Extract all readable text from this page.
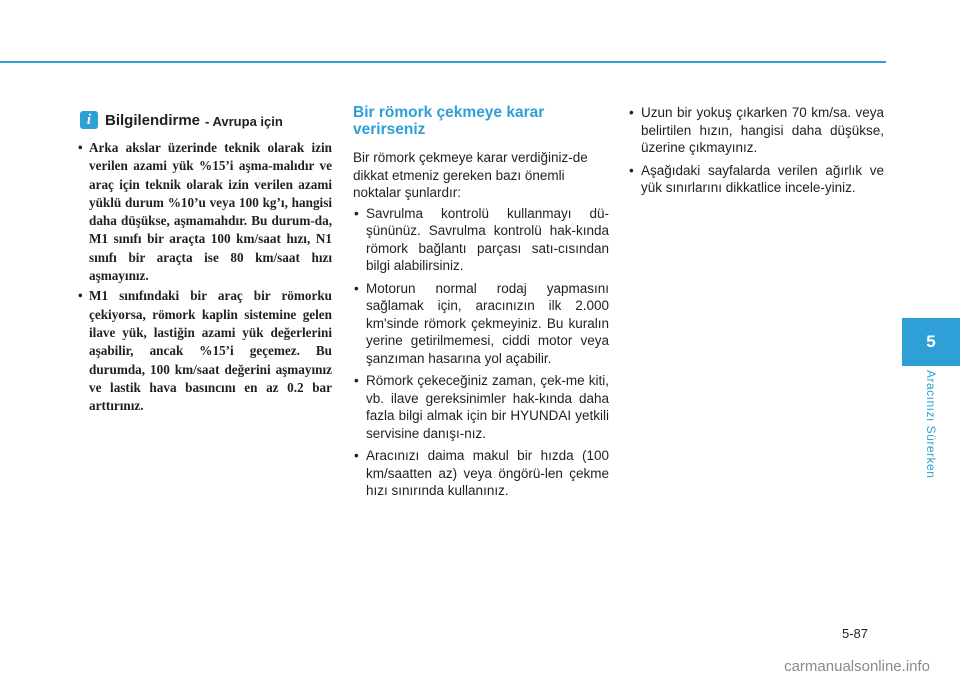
i Bilgilendirme - Avrupa için
• Arka akslar üzerinde teknik olarak izin verilen azami yük %15’i aşma-malıdır ve araç için teknik olarak izin verilen azami yüklü durum %10’u veya 100 kg’ı, hangisi daha düşükse, aşmamahdır. Bu durum-da, M1 sınıfı bir araçta 100 km/saat hızı, N1 sınıfı bir araçta ise 80 km/saat hızı aşmayınız.
• M1 sınıfındaki bir araç bir römorku çekiyorsa, römork kaplin sistemine gelen ilave yük, lastiğin azami yük değerlerini aşabilir, ancak %15’i geçemez. Bu durumda, 100 km/saat değerini aşmayınız ve lastik hava basıncını en az 0.2 bar arttırınız.
Bir römork çekmeye karar verirseniz

Bir römork çekmeye karar verdiğiniz-de dikkat etmeniz gereken bazı önemli noktalar şunlardır:

• Savrulma kontrolü kullanmayı dü-şününüz. Savrulma kontrolü hak-kında römork bağlantı parçası satı-cısından bilgi alabilirsiniz.
• Motorun normal rodaj yapmasını sağlamak için, aracınızın ilk 2.000 km'sinde römork çekmeyiniz. Bu kuralın yerine getirilmemesi, ciddi motor veya şanzıman hasarına yol açabilir.
• Römork çekeceğiniz zaman, çek-me kiti, vb. ilave gereksinimler hak-kında daha fazla bilgi almak için bir HYUNDAI yetkili servisine danışı-nız.
• Aracınızı daima makul bir hızda (100 km/saatten az) veya öngörü-len çekme hızı sınırında kullanınız.
• Uzun bir yokuş çıkarken 70 km/sa. veya belirtilen hızın, hangisi daha düşükse, üzerine çıkmayınız.
• Aşağıdaki sayfalarda verilen ağırlık ve yük sınırlarını dikkatlice incele-yiniz.
5
Aracınızı Sürerken
5-87
carmanualsonline.info
